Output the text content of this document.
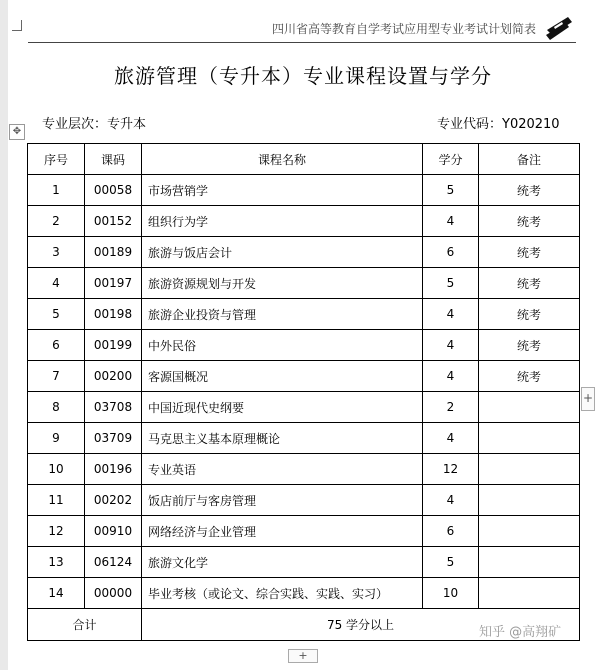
四川省高等教育自学考试应用型专业考试计划简表
旅游管理（专升本）专业课程设置与学分
专业层次：专升本	专业代码：Y020210
✥
序号	课码	课程名称	学分	备注
1	00058	市场营销学	5	统考
2	00152	组织行为学	4	统考
3	00189	旅游与饭店会计	6	统考
4	00197	旅游资源规划与开发	5	统考
5	00198	旅游企业投资与管理	4	统考
6	00199	中外民俗	4	统考
7	00200	客源国概况	4	统考
8	03708	中国近现代史纲要	2	
9	03709	马克思主义基本原理概论	4	
10	00196	专业英语	12	
11	00202	饭店前厅与客房管理	4	
12	00910	网络经济与企业管理	6	
13	06124	旅游文化学	5	
14	00000	毕业考核（或论文、综合实践、实践、实习）	10	
合计		75 学分以上		
+
+
知乎 @高翔矿
